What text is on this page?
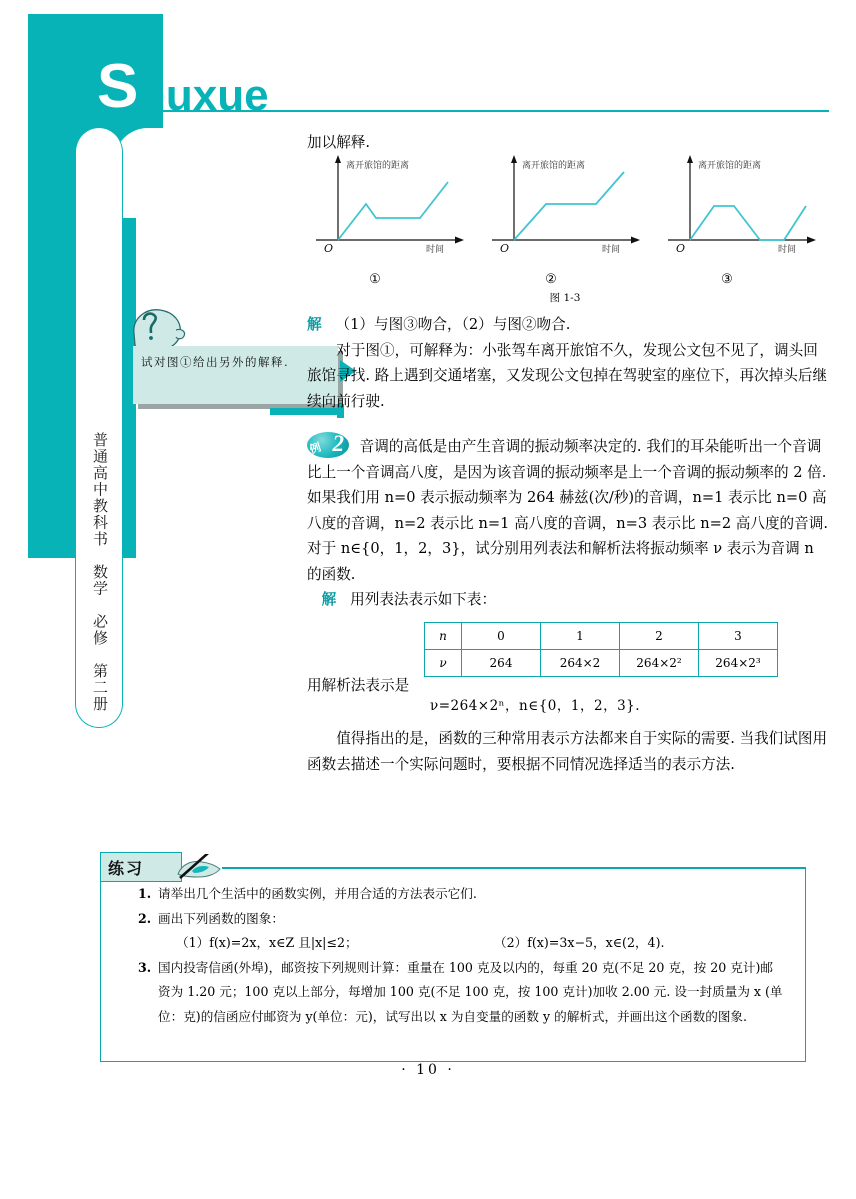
普通高中教科书　数学　必修　第二册
S huxue
加以解释.
离开旅馆的距离
时间
O
离开旅馆的距离
时间
O
离开旅馆的距离
时间
O
①	②	③
图 1-3
试对图①给出另外的解释.

解 （1）与图③吻合，（2）与图②吻合.

对于图①，可解释为：小张驾车离开旅馆不久，发现公文包不见了，调头回旅馆寻找. 路上遇到交通堵塞，又发现公文包掉在驾驶室的座位下，再次掉头后继续向前行驶.

例 2 音调的高低是由产生音调的振动频率决定的. 我们的耳朵能听出一个音调比上一个音调高八度，是因为该音调的振动频率是上一个音调的振动频率的 2 倍. 如果我们用 n=0 表示振动频率为 264 赫兹(次/秒)的音调，n=1 表示比 n=0 高八度的音调，n=2 表示比 n=1 高八度的音调，n=3 表示比 n=2 高八度的音调. 对于 n∈{0，1，2，3}，试分别用列表法和解析法将振动频率 ν 表示为音调 n 的函数.

解 用列表法表示如下表：

用解析法表示是

值得指出的是，函数的三种常用表示方法都来自于实际的需要. 当我们试图用函数去描述一个实际问题时，要根据不同情况选择适当的表示方法.

n	0	1	2	3
ν	264	264×2	264×2²	264×2³
ν=264×2ⁿ，n∈{0，1，2，3}.
练习
1. 请举出几个生活中的函数实例，并用合适的方法表示它们.
2. 画出下列函数的图象：
（1）f(x)=2x，x∈Z 且|x|≤2；	（2）f(x)=3x−5，x∈(2，4).
3. 国内投寄信函(外埠)，邮资按下列规则计算：重量在 100 克及以内的，每重 20 克(不足 20 克，按 20 克计)邮资为 1.20 元；100 克以上部分，每增加 100 克(不足 100 克，按 100 克计)加收 2.00 元. 设一封质量为 x (单位：克)的信函应付邮资为 y(单位：元)，试写出以 x 为自变量的函数 y 的解析式，并画出这个函数的图象.
· 10 ·
